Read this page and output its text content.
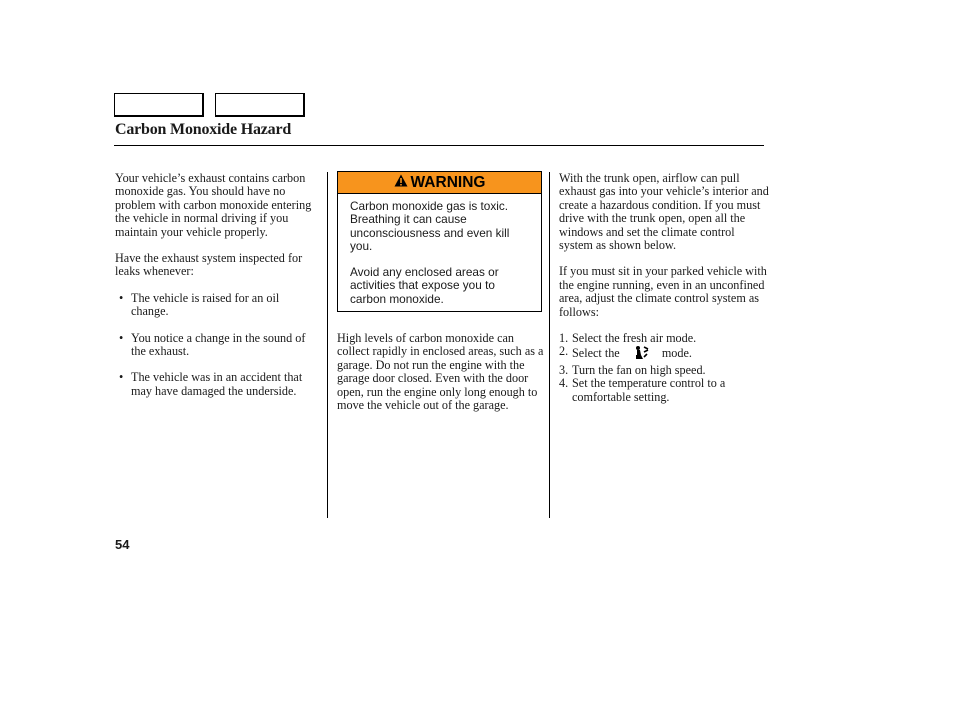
Carbon Monoxide Hazard

Your vehicle’s exhaust contains carbon monoxide gas. You should have no problem with carbon monoxide entering the vehicle in normal driving if you maintain your vehicle properly.

Have the exhaust system inspected for leaks whenever:

• The vehicle is raised for an oil change.
• You notice a change in the sound of the exhaust.
• The vehicle was in an accident that may have damaged the underside.
WARNING

Carbon monoxide gas is toxic. Breathing it can cause unconsciousness and even kill you.

Avoid any enclosed areas or activities that expose you to carbon monoxide.

High levels of carbon monoxide can collect rapidly in enclosed areas, such as a garage. Do not run the engine with the garage door closed. Even with the door open, run the engine only long enough to move the vehicle out of the garage.

With the trunk open, airflow can pull exhaust gas into your vehicle’s interior and create a hazardous condition. If you must drive with the trunk open, open all the windows and set the climate control system as shown below.

If you must sit in your parked vehicle with the engine running, even in an unconfined area, adjust the climate control system as follows:

1. Select the fresh air mode.

2. Select the	mode.

3. Turn the fan on high speed.

4. Set the temperature control to a comfortable setting.

54
